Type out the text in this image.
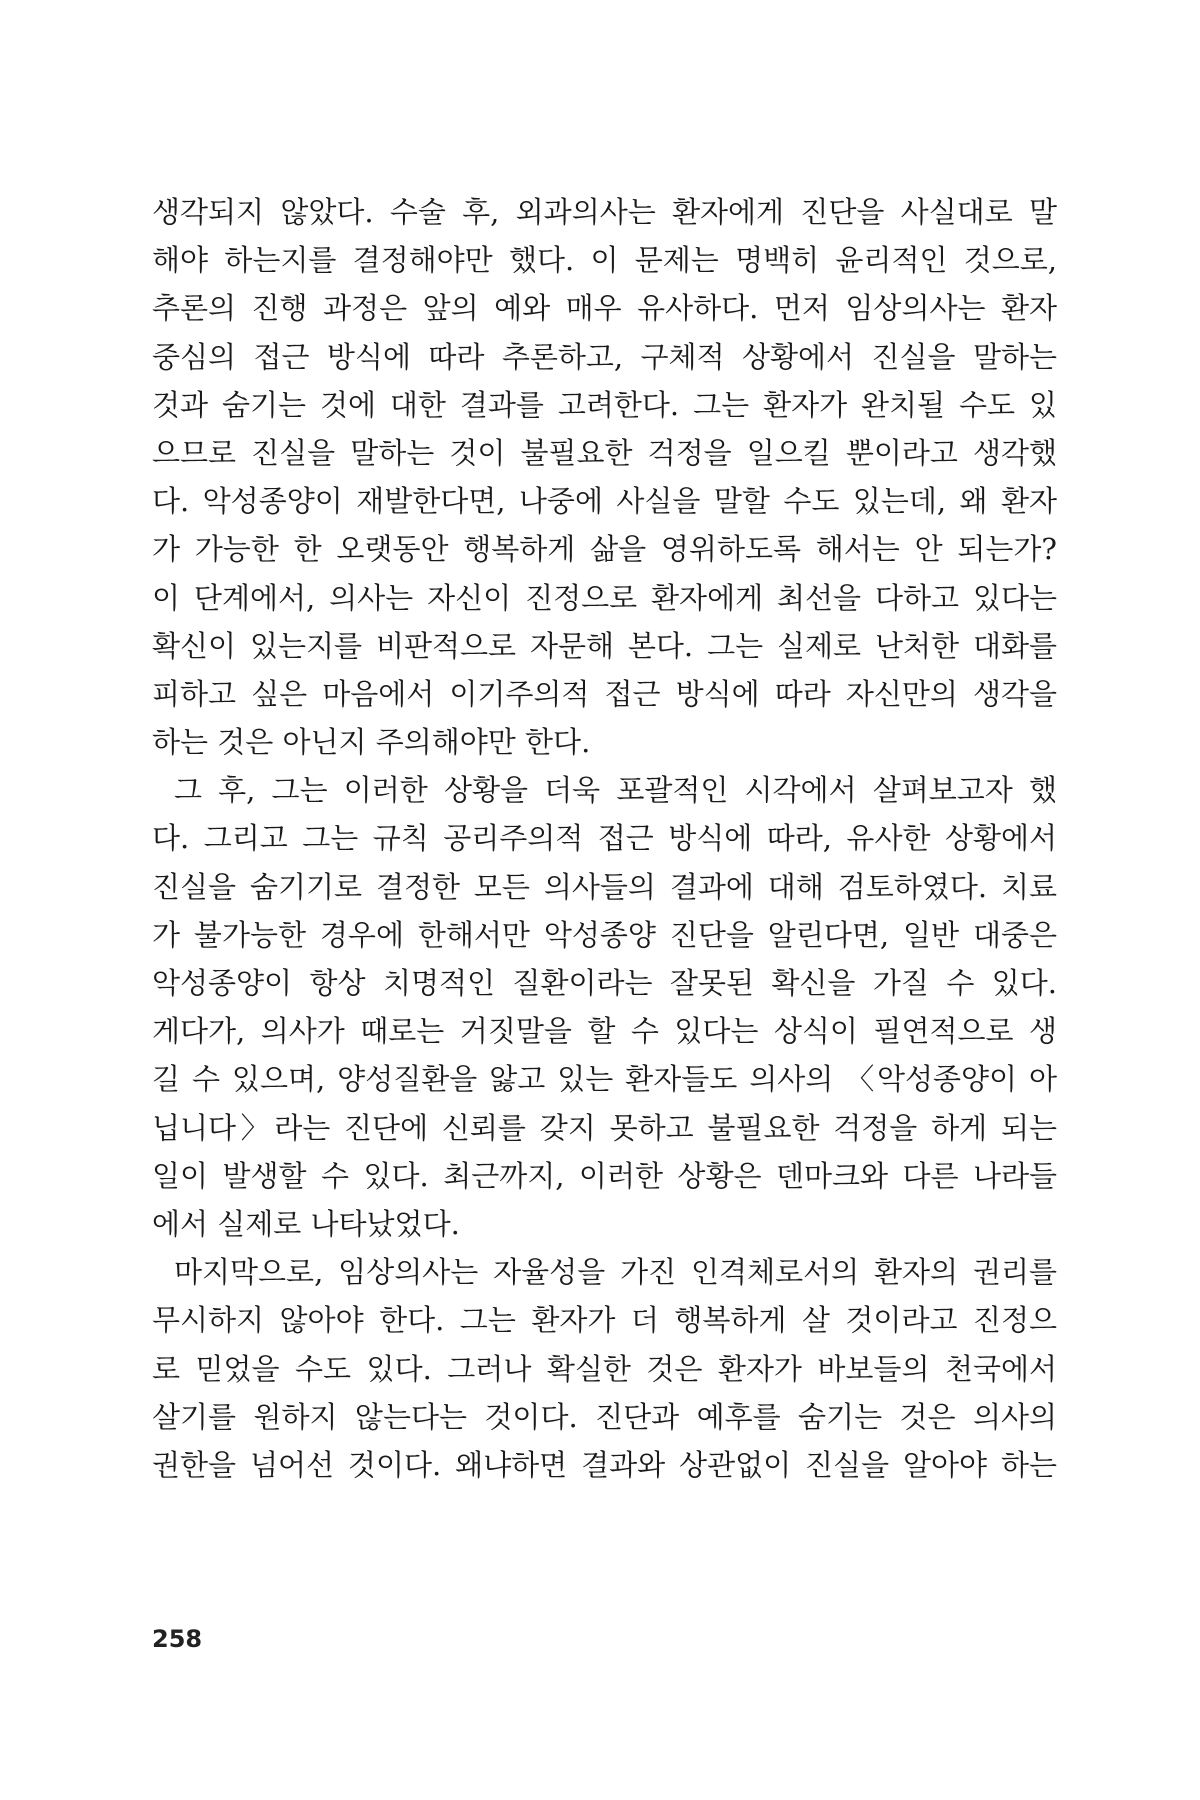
생각되지 않았다. 수술 후, 외과의사는 환자에게 진단을 사실대로 말
해야 하는지를 결정해야만 했다. 이 문제는 명백히 윤리적인 것으로,
추론의 진행 과정은 앞의 예와 매우 유사하다. 먼저 임상의사는 환자
중심의 접근 방식에 따라 추론하고, 구체적 상황에서 진실을 말하는
것과 숨기는 것에 대한 결과를 고려한다. 그는 환자가 완치될 수도 있
으므로 진실을 말하는 것이 불필요한 걱정을 일으킬 뿐이라고 생각했
다. 악성종양이 재발한다면, 나중에 사실을 말할 수도 있는데, 왜 환자
가 가능한 한 오랫동안 행복하게 삶을 영위하도록 해서는 안 되는가?
이 단계에서, 의사는 자신이 진정으로 환자에게 최선을 다하고 있다는
확신이 있는지를 비판적으로 자문해 본다. 그는 실제로 난처한 대화를
피하고 싶은 마음에서 이기주의적 접근 방식에 따라 자신만의 생각을
하는 것은 아닌지 주의해야만 한다.
그 후, 그는 이러한 상황을 더욱 포괄적인 시각에서 살펴보고자 했
다. 그리고 그는 규칙 공리주의적 접근 방식에 따라, 유사한 상황에서
진실을 숨기기로 결정한 모든 의사들의 결과에 대해 검토하였다. 치료
가 불가능한 경우에 한해서만 악성종양 진단을 알린다면, 일반 대중은
악성종양이 항상 치명적인 질환이라는 잘못된 확신을 가질 수 있다.
게다가, 의사가 때로는 거짓말을 할 수 있다는 상식이 필연적으로 생
길 수 있으며, 양성질환을 앓고 있는 환자들도 의사의 〈악성종양이 아
닙니다〉라는 진단에 신뢰를 갖지 못하고 불필요한 걱정을 하게 되는
일이 발생할 수 있다. 최근까지, 이러한 상황은 덴마크와 다른 나라들
에서 실제로 나타났었다.
마지막으로, 임상의사는 자율성을 가진 인격체로서의 환자의 권리를
무시하지 않아야 한다. 그는 환자가 더 행복하게 살 것이라고 진정으
로 믿었을 수도 있다. 그러나 확실한 것은 환자가 바보들의 천국에서
살기를 원하지 않는다는 것이다. 진단과 예후를 숨기는 것은 의사의
권한을 넘어선 것이다. 왜냐하면 결과와 상관없이 진실을 알아야 하는
258
